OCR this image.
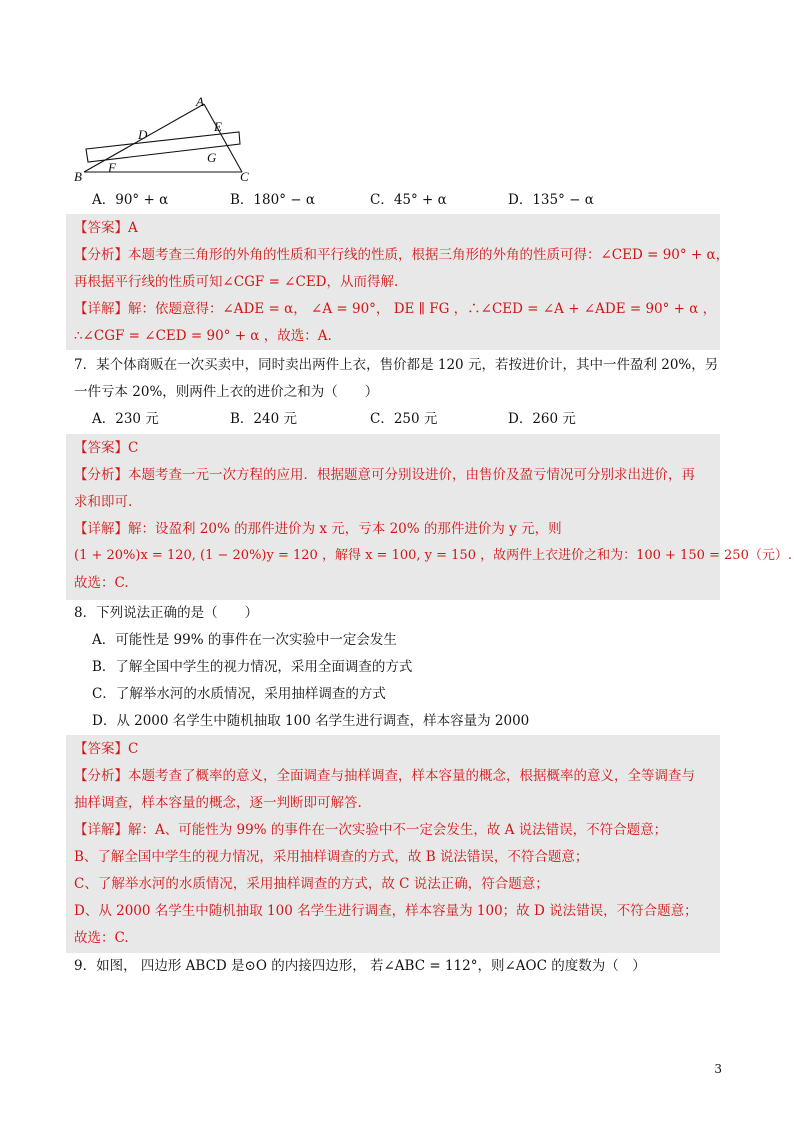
A
B	C
D
E
F
G
A．90° + α	B．180° − α	C．45° + α	D．135° − α
【答案】A
【分析】本题考查三角形的外角的性质和平行线的性质，根据三角形的外角的性质可得：∠CED = 90° + α，
再根据平行线的性质可知∠CGF = ∠CED，从而得解.
【详解】解：依题意得：∠ADE = α， ∠A = 90°， DE ∥ FG ，∴∠CED = ∠A + ∠ADE = 90° + α ，
∴∠CGF = ∠CED = 90° + α ，故选：A.
7．某个体商贩在一次买卖中，同时卖出两件上衣，售价都是 120 元，若按进价计，其中一件盈利 20%，另
一件亏本 20%，则两件上衣的进价之和为（　　）
A．230 元	B．240 元	C．250 元	D．260 元
【答案】C
【分析】本题考查一元一次方程的应用．根据题意可分别设进价，由售价及盈亏情况可分别求出进价，再
求和即可.
【详解】解：设盈利 20% 的那件进价为 x 元，亏本 20% 的那件进价为 y 元，则
(1 + 20%)x = 120, (1 − 20%)y = 120 ，解得 x = 100, y = 150 ，故两件上衣进价之和为：100 + 150 = 250（元）.
故选：C.
8．下列说法正确的是（　　）
A．可能性是 99% 的事件在一次实验中一定会发生
B．了解全国中学生的视力情况，采用全面调查的方式
C．了解举水河的水质情况，采用抽样调查的方式
D．从 2000 名学生中随机抽取 100 名学生进行调查，样本容量为 2000
【答案】C
【分析】本题考查了概率的意义，全面调查与抽样调查，样本容量的概念，根据概率的意义，全等调查与
抽样调查，样本容量的概念，逐一判断即可解答.
【详解】解：A、可能性为 99% 的事件在一次实验中不一定会发生，故 A 说法错误，不符合题意；
B、了解全国中学生的视力情况，采用抽样调查的方式，故 B 说法错误，不符合题意；
C、了解举水河的水质情况，采用抽样调查的方式，故 C 说法正确，符合题意；
D、从 2000 名学生中随机抽取 100 名学生进行调查，样本容量为 100；故 D 说法错误，不符合题意；
故选：C.
9．如图， 四边形 ABCD 是⊙O 的内接四边形， 若∠ABC = 112°，则∠AOC 的度数为（　）
3
